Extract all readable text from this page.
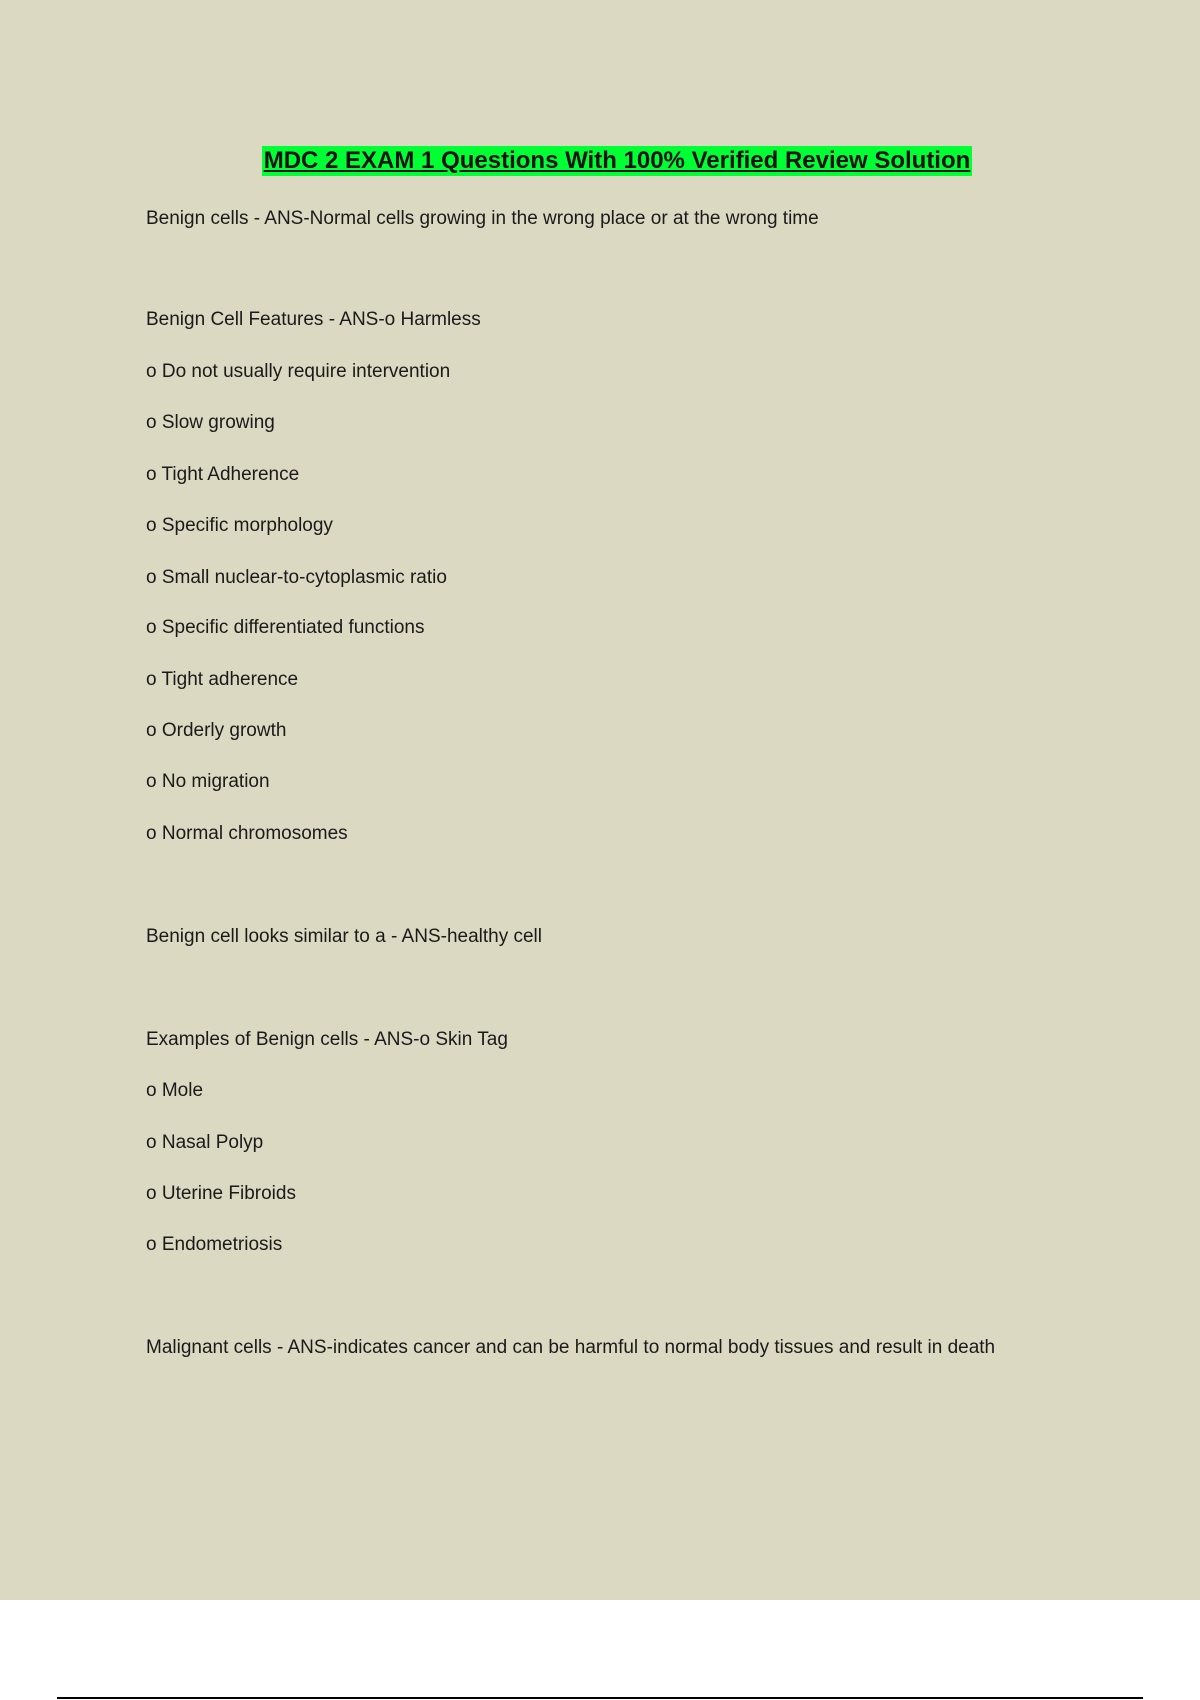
MDC 2 EXAM 1 Questions With 100% Verified Review Solution
Benign cells - ANS-Normal cells growing in the wrong place or at the wrong time
Benign Cell Features - ANS-o Harmless
o Do not usually require intervention
o Slow growing
o Tight Adherence
o Specific morphology
o Small nuclear-to-cytoplasmic ratio
o Specific differentiated functions
o Tight adherence
o Orderly growth
o No migration
o Normal chromosomes
Benign cell looks similar to a - ANS-healthy cell
Examples of Benign cells - ANS-o Skin Tag
o Mole
o Nasal Polyp
o Uterine Fibroids
o Endometriosis
Malignant cells - ANS-indicates cancer and can be harmful to normal body tissues and result in death
